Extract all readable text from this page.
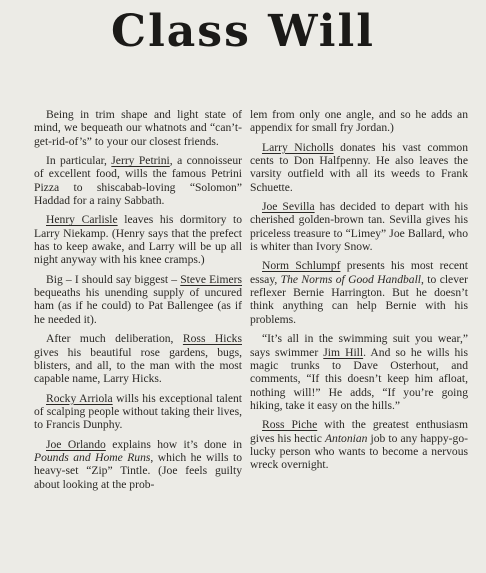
Class Will

Being in trim shape and light state of mind, we bequeath our whatnots and “can’t-get-rid-of’s” to your our closest friends.

In particular, Jerry Petrini, a connoisseur of excellent food, wills the famous Petrini Pizza to shiscabab-loving “Solomon” Haddad for a rainy Sabbath.

Henry Carlisle leaves his dormitory to Larry Niekamp. (Henry says that the prefect has to keep awake, and Larry will be up all night anyway with his knee cramps.)

Big – I should say biggest – Steve Eimers bequeaths his unending supply of uncured ham (as if he could) to Pat Ballengee (as if he needed it).

After much deliberation, Ross Hicks gives his beautiful rose gardens, bugs, blisters, and all, to the man with the most capable name, Larry Hicks.

Rocky Arriola wills his exceptional talent of scalping people without taking their lives, to Francis Dunphy.

Joe Orlando explains how it’s done in Pounds and Home Runs, which he wills to heavy-set “Zip” Tintle. (Joe feels guilty about looking at the prob-

lem from only one angle, and so he adds an appendix for small fry Jordan.)

Larry Nicholls donates his vast common cents to Don Halfpenny. He also leaves the varsity outfield with all its weeds to Frank Schuette.

Joe Sevilla has decided to depart with his cherished golden-brown tan. Sevilla gives his priceless treasure to “Limey” Joe Ballard, who is whiter than Ivory Snow.

Norm Schlumpf presents his most recent essay, The Norms of Good Handball, to clever reflexer Bernie Harrington. But he doesn’t think anything can help Bernie with his problems.

“It’s all in the swimming suit you wear,” says swimmer Jim Hill. And so he wills his magic trunks to Dave Osterhout, and comments, “If this doesn’t keep him afloat, nothing will!” He adds, “If you’re going hiking, take it easy on the hills.”

Ross Piche with the greatest enthusiasm gives his hectic Antonian job to any happy-go-lucky person who wants to become a nervous wreck overnight.
